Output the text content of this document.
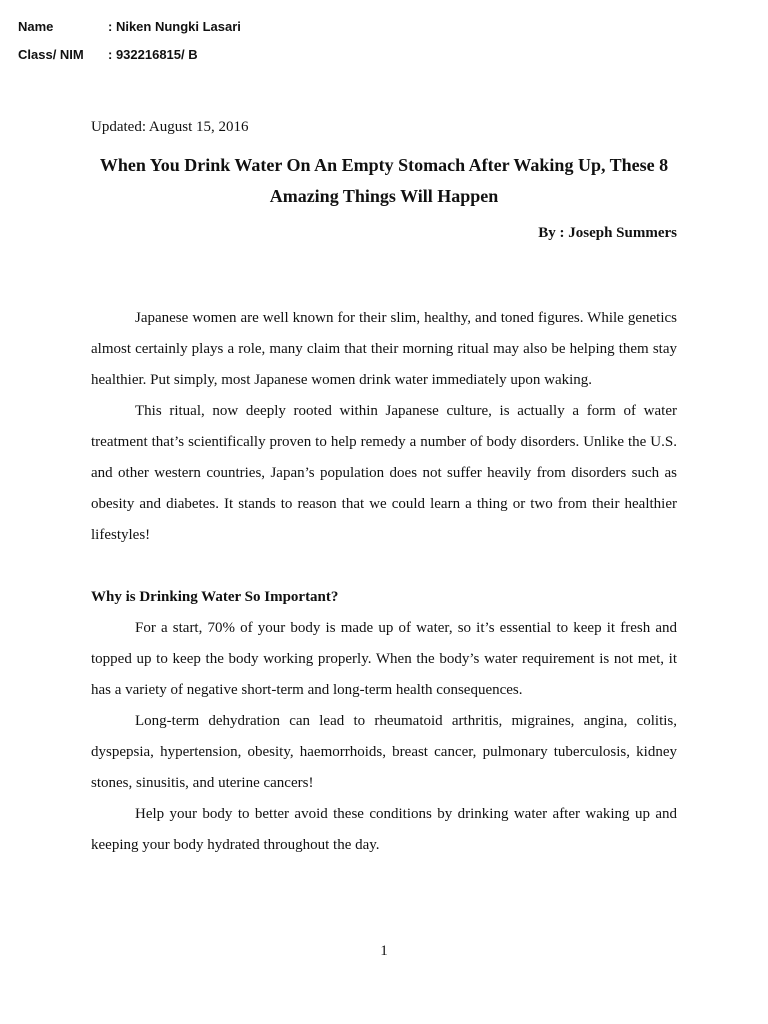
Name	: Niken Nungki Lasari
Class/ NIM	: 932216815/ B
Updated: August 15, 2016
When You Drink Water On An Empty Stomach After Waking Up, These 8 Amazing Things Will Happen
By : Joseph Summers

Japanese women are well known for their slim, healthy, and toned figures. While genetics almost certainly plays a role, many claim that their morning ritual may also be helping them stay healthier. Put simply, most Japanese women drink water immediately upon waking.

This ritual, now deeply rooted within Japanese culture, is actually a form of water treatment that’s scientifically proven to help remedy a number of body disorders. Unlike the U.S. and other western countries, Japan’s population does not suffer heavily from disorders such as obesity and diabetes. It stands to reason that we could learn a thing or two from their healthier lifestyles!

Why is Drinking Water So Important?

For a start, 70% of your body is made up of water, so it’s essential to keep it fresh and topped up to keep the body working properly. When the body’s water requirement is not met, it has a variety of negative short-term and long-term health consequences.

Long-term dehydration can lead to rheumatoid arthritis, migraines, angina, colitis, dyspepsia, hypertension, obesity, haemorrhoids, breast cancer, pulmonary tuberculosis, kidney stones, sinusitis, and uterine cancers!

Help your body to better avoid these conditions by drinking water after waking up and keeping your body hydrated throughout the day.

1
